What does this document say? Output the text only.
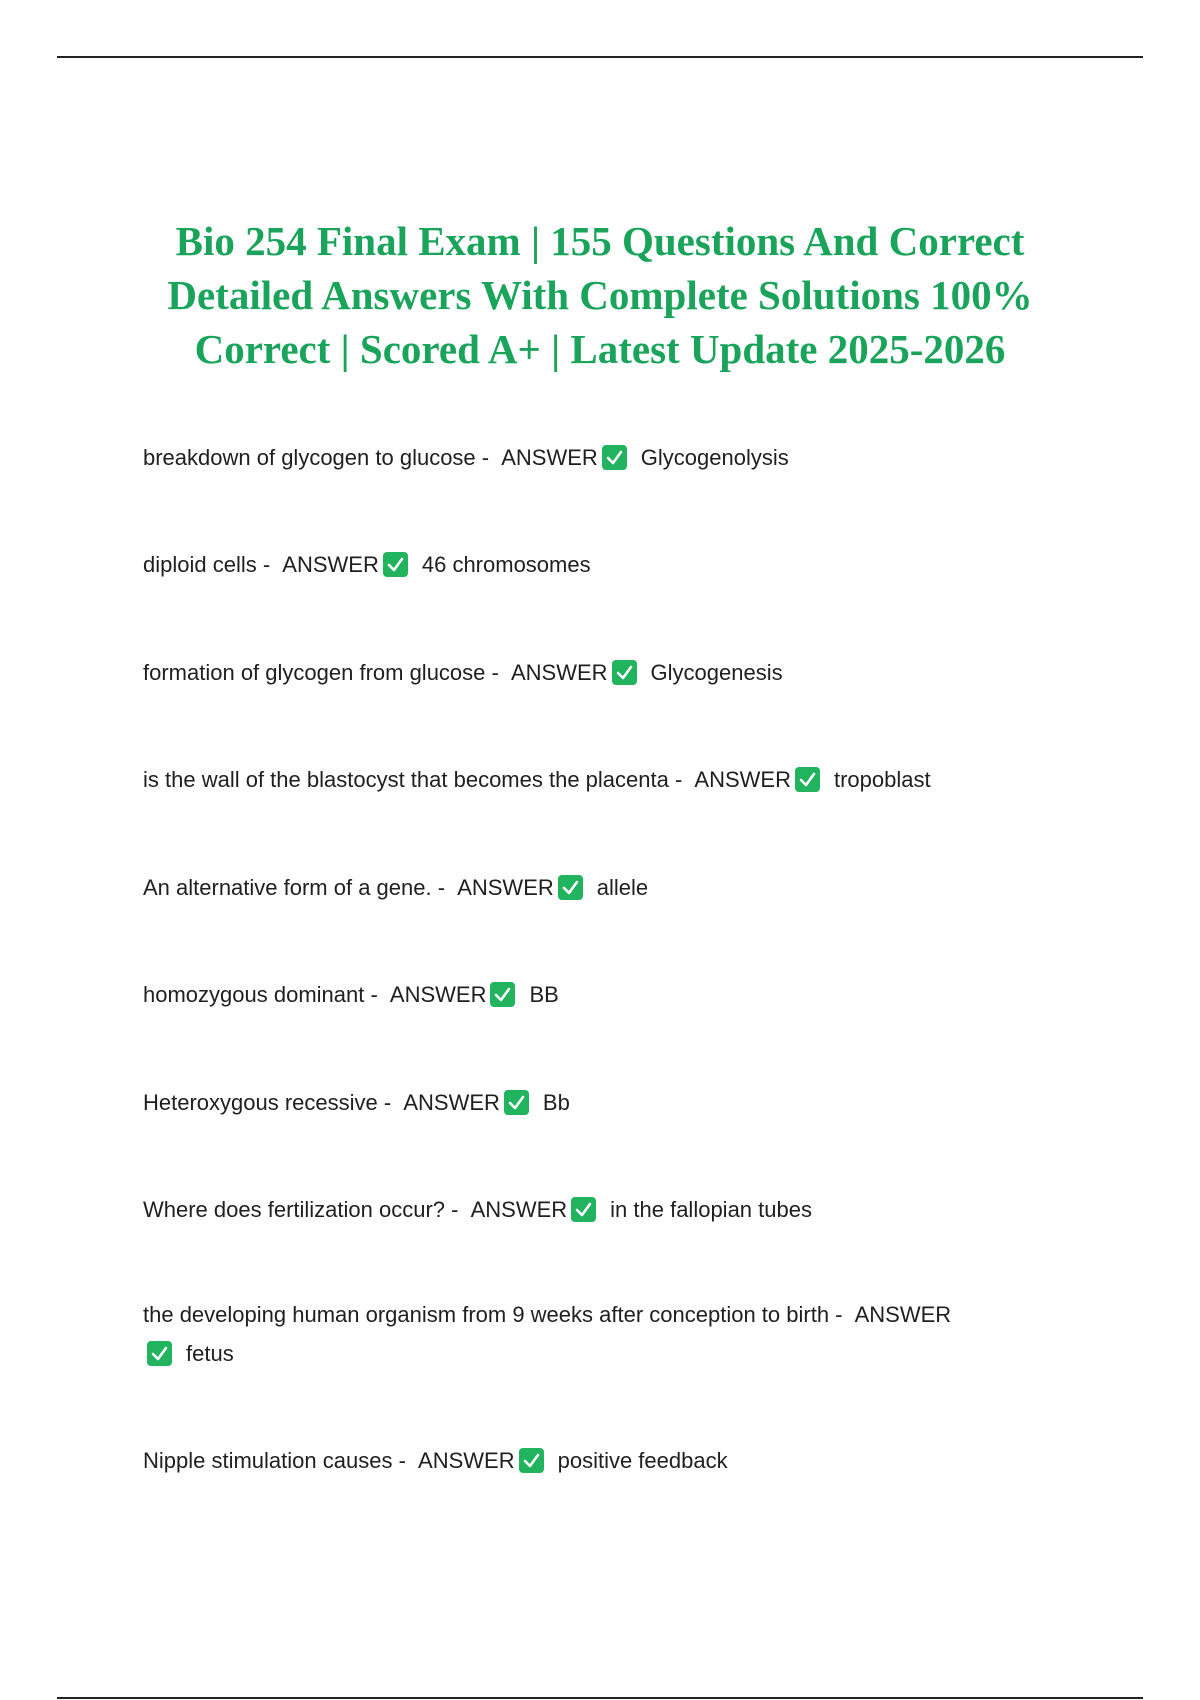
Bio 254 Final Exam | 155 Questions And Correct Detailed Answers With Complete Solutions 100% Correct | Scored A+ | Latest Update 2025-2026
breakdown of glycogen to glucose - ANSWER Glycogenolysis
diploid cells - ANSWER 46 chromosomes
formation of glycogen from glucose - ANSWER Glycogenesis
is the wall of the blastocyst that becomes the placenta - ANSWER tropoblast
An alternative form of a gene. - ANSWER allele
homozygous dominant - ANSWER BB
Heteroxygous recessive - ANSWER Bb
Where does fertilization occur? - ANSWER in the fallopian tubes
the developing human organism from 9 weeks after conception to birth - ANSWER
fetus
Nipple stimulation causes - ANSWER positive feedback
